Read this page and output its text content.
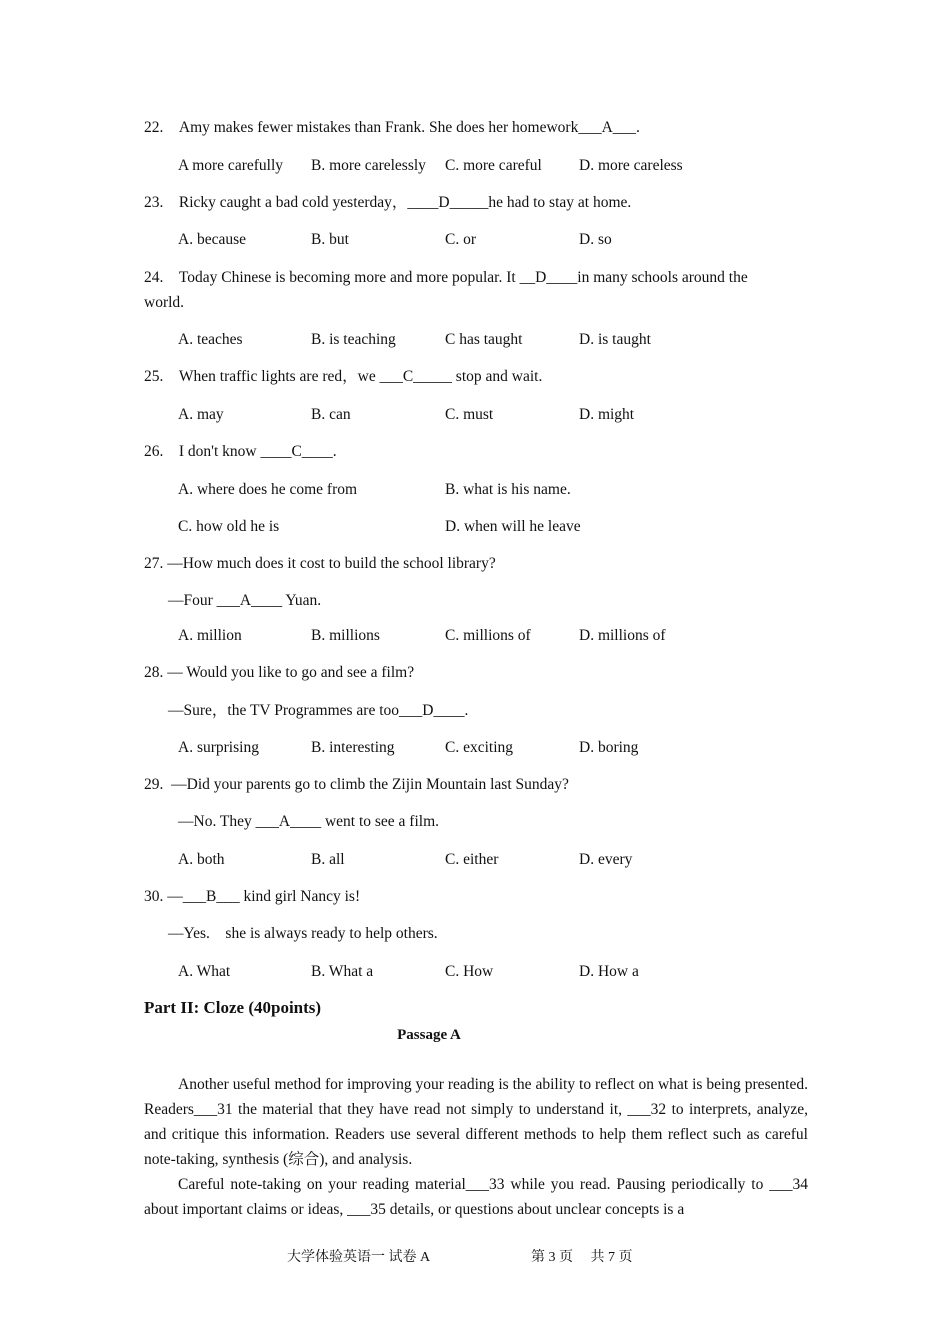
22. Amy makes fewer mistakes than Frank. She does her homework___A___.
A more carefully B. more carelessly C. more careful D. more careless
23. Ricky caught a bad cold yesterday，____D_____he had to stay at home.
A. because	B. but	C. or	D. so
24. Today Chinese is becoming more and more popular. It __D____in many schools around the
world.
A. teaches	B. is teaching	C has taught	D. is taught
25. When traffic lights are red，we ___C_____ stop and wait.
A. may	B. can	C. must	D. might
26. I don't know ____C____.
A. where does he come from	B. what is his name.
C. how old he is	D. when will he leave
27. —How much does it cost to build the school library?
—Four ___A____ Yuan.
A. million	B. millions	C. millions of	D. millions of
28. — Would you like to go and see a film?
—Sure，the TV Programmes are too___D____.
A. surprising	B. interesting	C. exciting	D. boring
29. —Did your parents go to climb the Zijin Mountain last Sunday?
—No. They ___A____ went to see a film.
A. both	B. all	C. either	D. every
30. —___B___ kind girl Nancy is!
—Yes.　she is always ready to help others.
A. What	B. What a	C. How	D. How a
Part II: Cloze (40points)
Passage A
Another useful method for improving your reading is the ability to reflect on what is being presented. Readers___31 the material that they have read not simply to understand it, ___32 to interprets, analyze, and critique this information. Readers use several different methods to help them reflect such as careful note-taking, synthesis (综合), and analysis.
Careful note-taking on your reading material___33 while you read. Pausing periodically to ___34 about important claims or ideas, ___35 details, or questions about unclear concepts is a
大学体验英语一 试卷 A	第 3 页　 共 7 页
